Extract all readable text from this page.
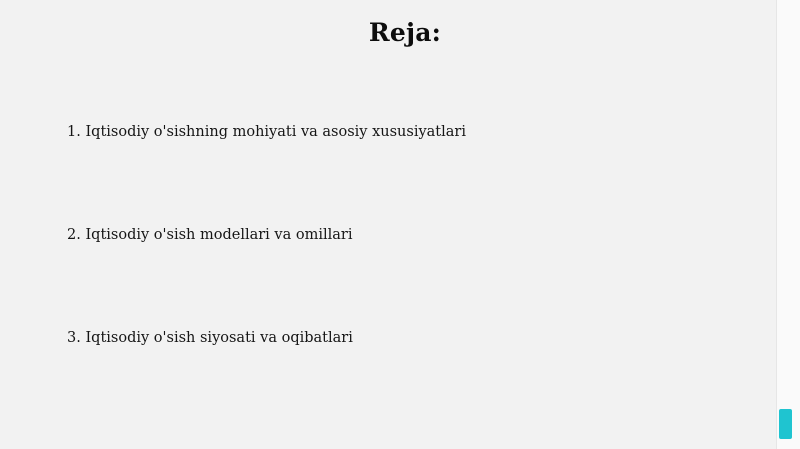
Reja:
1. Iqtisodiy o'sishning mohiyati va asosiy xususiyatlari
2. Iqtisodiy o'sish modellari va omillari
3. Iqtisodiy o'sish siyosati va oqibatlari
